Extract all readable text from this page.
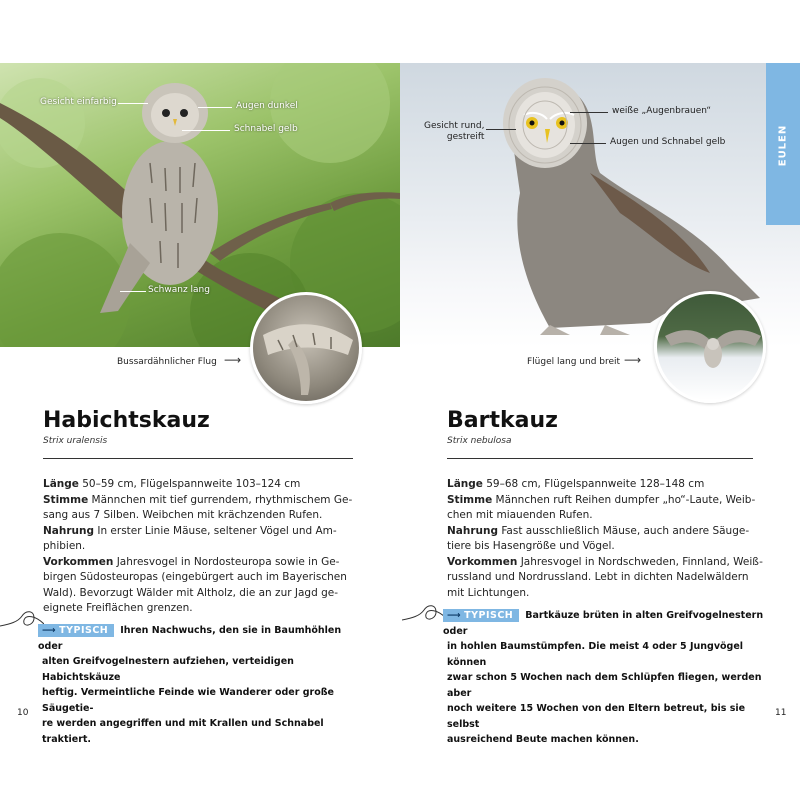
Gesicht einfarbig	Augen dunkel
Schnabel gelb
Schwanz lang
Bussardähnlicher Flug ⟶
Habichtskauz
Strix uralensis

Länge 50–59 cm, Flügelspannweite 103–124 cm

Stimme Männchen mit tief gurrendem, rhythmischem Ge-

sang aus 7 Silben. Weibchen mit krächzenden Rufen.

Nahrung In erster Linie Mäuse, seltener Vögel und Am-

phibien.

Vorkommen Jahresvogel in Nordosteuropa sowie in Ge-

birgen Südosteuropas (eingebürgert auch im Bayerischen

Wald). Bevorzugt Wälder mit Altholz, die an zur Jagd ge-

eignete Freiflächen grenzen.

⟶ TYPISCH Ihren Nachwuchs, den sie in Baumhöhlen oder

alten Greifvogelnestern aufziehen, verteidigen Habichtskäuze

heftig. Vermeintliche Feinde wie Wanderer oder große Säugetie-

re werden angegriffen und mit Krallen und Schnabel traktiert.

10
weiße „Augenbrauen“
Gesicht rund,
gestreift	Augen und Schnabel gelb
Flügel lang und breit ⟶
Bartkauz
Strix nebulosa

Länge 59–68 cm, Flügelspannweite 128–148 cm

Stimme Männchen ruft Reihen dumpfer „ho“-Laute, Weib-

chen mit miauenden Rufen.

Nahrung Fast ausschließlich Mäuse, auch andere Säuge-

tiere bis Hasengröße und Vögel.

Vorkommen Jahresvogel in Nordschweden, Finnland, Weiß-

russland und Nordrussland. Lebt in dichten Nadelwäldern

mit Lichtungen.

⟶ TYPISCH Bartkäuze brüten in alten Greifvogelnestern oder

in hohlen Baumstümpfen. Die meist 4 oder 5 Jungvögel können

zwar schon 5 Wochen nach dem Schlüpfen fliegen, werden aber

noch weitere 15 Wochen von den Eltern betreut, bis sie selbst

ausreichend Beute machen können.

11
EULEN
